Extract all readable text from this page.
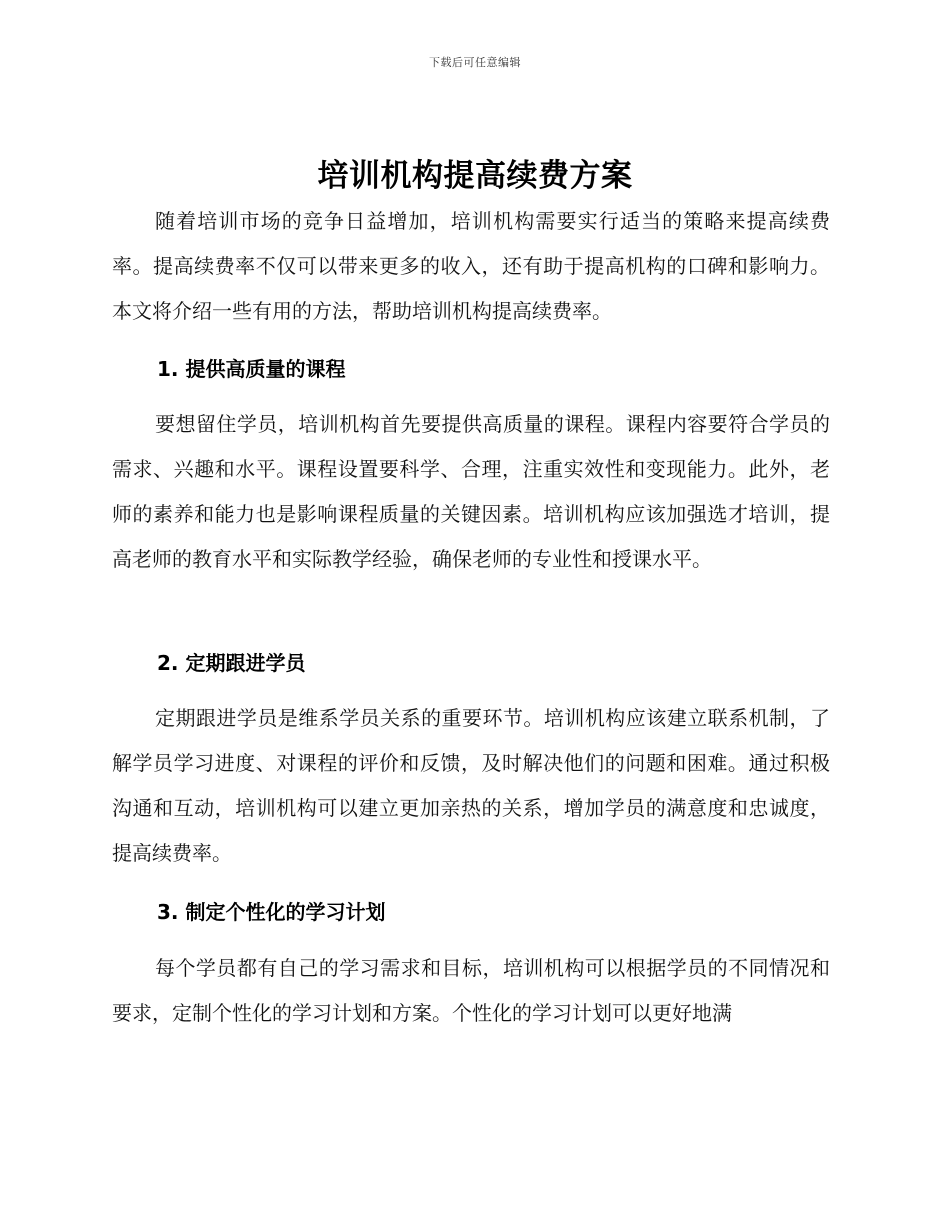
下载后可任意编辑
培训机构提高续费方案

随着培训市场的竞争日益增加，培训机构需要实行适当的策略来提高续费率。提高续费率不仅可以带来更多的收入，还有助于提高机构的口碑和影响力。本文将介绍一些有用的方法，帮助培训机构提高续费率。

1. 提供高质量的课程

要想留住学员，培训机构首先要提供高质量的课程。课程内容要符合学员的需求、兴趣和水平。课程设置要科学、合理，注重实效性和变现能力。此外，老师的素养和能力也是影响课程质量的关键因素。培训机构应该加强选才培训，提高老师的教育水平和实际教学经验，确保老师的专业性和授课水平。

2. 定期跟进学员

定期跟进学员是维系学员关系的重要环节。培训机构应该建立联系机制，了解学员学习进度、对课程的评价和反馈，及时解决他们的问题和困难。通过积极沟通和互动，培训机构可以建立更加亲热的关系，增加学员的满意度和忠诚度，提高续费率。

3. 制定个性化的学习计划

每个学员都有自己的学习需求和目标，培训机构可以根据学员的不同情况和要求，定制个性化的学习计划和方案。个性化的学习计划可以更好地满
